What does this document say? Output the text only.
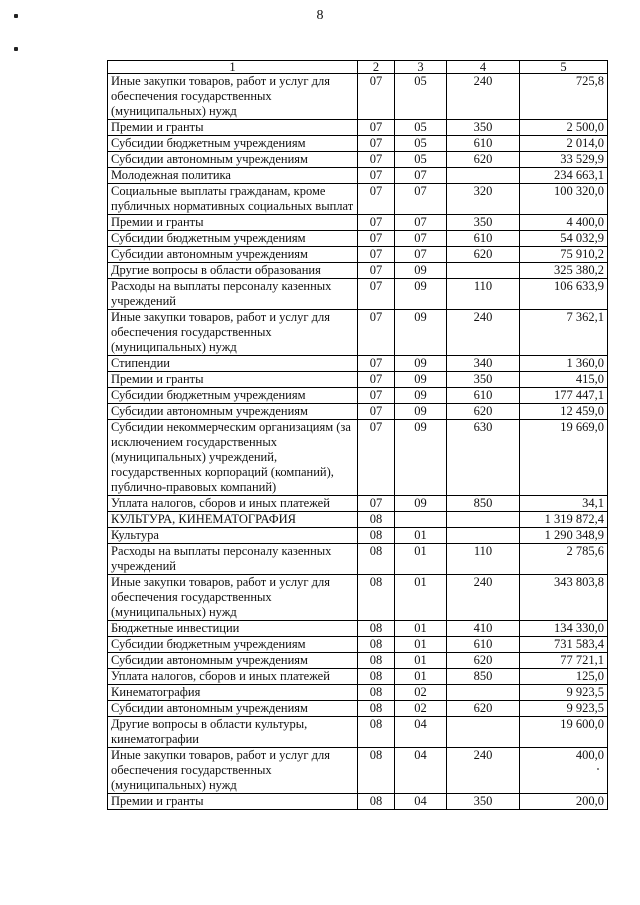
8
1	2	3	4	5
Иные закупки товаров, работ и услуг для обеспечения государственных (муниципальных) нужд	07	05	240	725,8
Премии и гранты	07	05	350	2 500,0
Субсидии бюджетным учреждениям	07	05	610	2 014,0
Субсидии автономным учреждениям	07	05	620	33 529,9
Молодежная политика	07	07		234 663,1
Социальные выплаты гражданам, кроме публичных нормативных социальных выплат	07	07	320	100 320,0
Премии и гранты	07	07	350	4 400,0
Субсидии бюджетным учреждениям	07	07	610	54 032,9
Субсидии автономным учреждениям	07	07	620	75 910,2
Другие вопросы в области образования	07	09		325 380,2
Расходы на выплаты персоналу казенных учреждений	07	09	110	106 633,9
Иные закупки товаров, работ и услуг для обеспечения государственных (муниципальных) нужд	07	09	240	7 362,1
Стипендии	07	09	340	1 360,0
Премии и гранты	07	09	350	415,0
Субсидии бюджетным учреждениям	07	09	610	177 447,1
Субсидии автономным учреждениям	07	09	620	12 459,0
Субсидии некоммерческим организациям (за исключением государственных (муниципальных) учреждений, государственных корпораций (компаний), публично-правовых компаний)	07	09	630	19 669,0
Уплата налогов, сборов и иных платежей	07	09	850	34,1
КУЛЬТУРА, КИНЕМАТОГРАФИЯ	08			1 319 872,4
Культура	08	01		1 290 348,9
Расходы на выплаты персоналу казенных учреждений	08	01	110	2 785,6
Иные закупки товаров, работ и услуг для обеспечения государственных (муниципальных) нужд	08	01	240	343 803,8
Бюджетные инвестиции	08	01	410	134 330,0
Субсидии бюджетным учреждениям	08	01	610	731 583,4
Субсидии автономным учреждениям	08	01	620	77 721,1
Уплата налогов, сборов и иных платежей	08	01	850	125,0
Кинематография	08	02		9 923,5
Субсидии автономным учреждениям	08	02	620	9 923,5
Другие вопросы в области культуры, кинематографии	08	04		19 600,0
Иные закупки товаров, работ и услуг для обеспечения государственных (муниципальных) нужд	08	04	240	400,0
Премии и гранты	08	04	350	200,0
